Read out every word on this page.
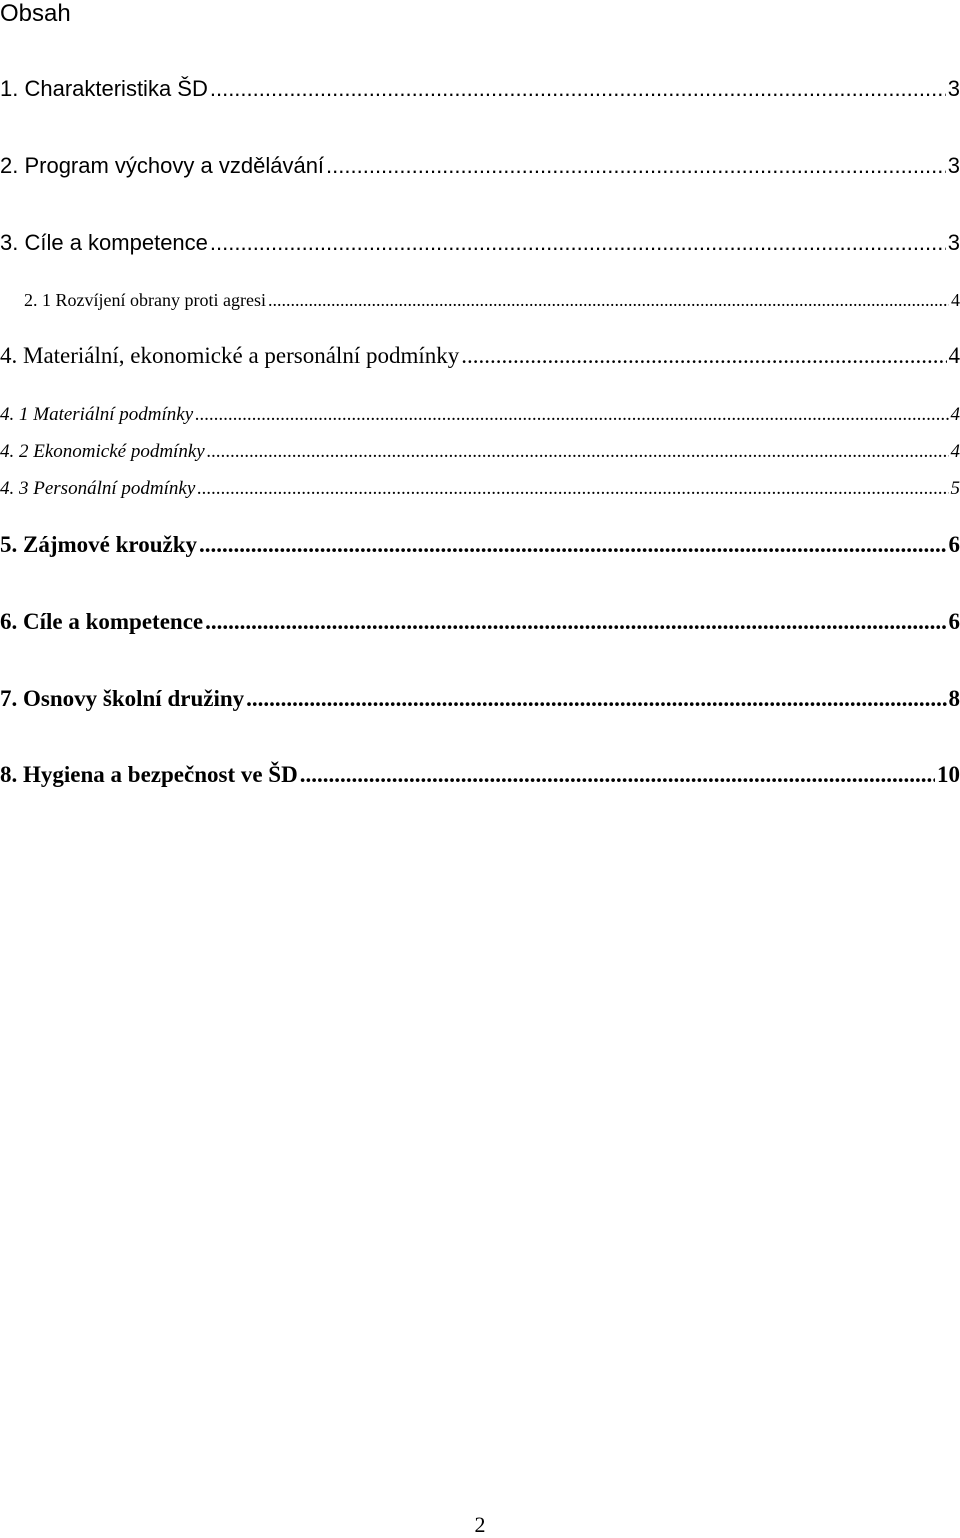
Obsah
1. Charakteristika ŠD .....	3
2. Program výchovy a vzdělávání .....	3
3. Cíle a kompetence .....	3
2. 1 Rozvíjení obrany proti agresi .....	4
4. Materiální, ekonomické a personální podmínky .....	4
4. 1 Materiální podmínky .....	4
4. 2 Ekonomické podmínky .....	4
4. 3 Personální podmínky .....	5
5. Zájmové kroužky .....	6
6. Cíle a kompetence .....	6
7. Osnovy školní družiny .....	8
8. Hygiena a bezpečnost ve ŠD .....	10
2
